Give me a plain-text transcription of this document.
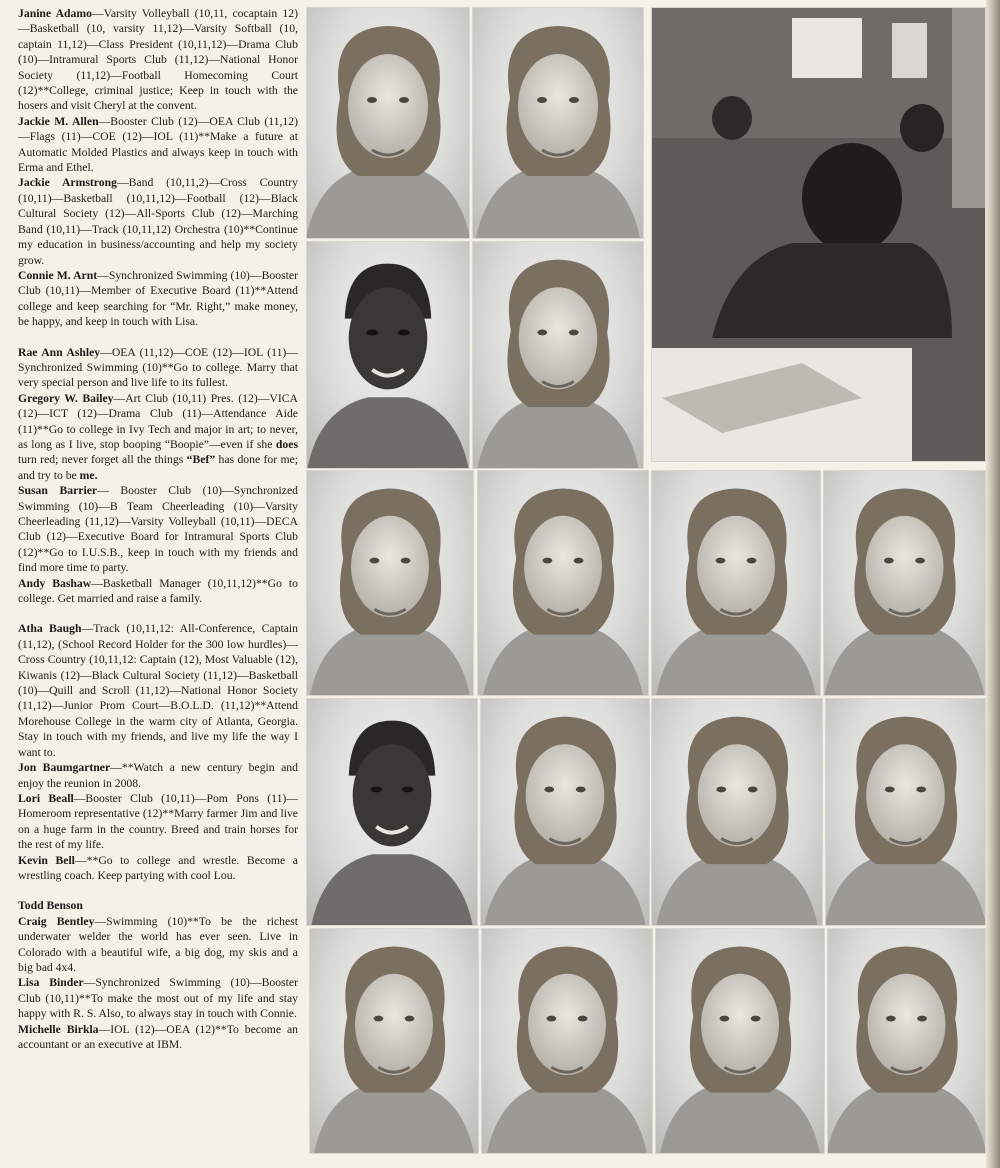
Janine Adamo—Varsity Volleyball (10,11, cocaptain 12)—Basketball (10, varsity 11,12)—Varsity Softball (10, captain 11,12)—Class President (10,11,12)—Drama Club (10)—Intramural Sports Club (11,12)—National Honor Society (11,12)—Football Homecoming Court (12)**College, criminal justice; Keep in touch with the hosers and visit Cheryl at the convent.

Jackie M. Allen—Booster Club (12)—OEA Club (11,12)—Flags (11)—COE (12)—IOL (11)**Make a future at Automatic Molded Plastics and always keep in touch with Erma and Ethel.

Jackie Armstrong—Band (10,11,2)—Cross Country (10,11)—Basketball (10,11,12)—Football (12)—Black Cultural Society (12)—All-Sports Club (12)—Marching Band (10,11)—Track (10,11,12) Orchestra (10)**Continue my education in business/accounting and help my society grow.

Connie M. Arnt—Synchronized Swimming (10)—Booster Club (10,11)—Member of Executive Board (11)**Attend college and keep searching for “Mr. Right,” make money, be happy, and keep in touch with Lisa.

Rae Ann Ashley—OEA (11,12)—COE (12)—IOL (11)—Synchronized Swimming (10)**Go to college. Marry that very special person and live life to its fullest.

Gregory W. Bailey—Art Club (10,11) Pres. (12)—VICA (12)—ICT (12)—Drama Club (11)—Attendance Aide (11)**Go to college in Ivy Tech and major in art; to never, as long as I live, stop booping “Boopie”—even if she does turn red; never forget all the things “Bef” has done for me; and try to be me.

Susan Barrier— Booster Club (10)—Synchronized Swimming (10)—B Team Cheerleading (10)—Varsity Cheerleading (11,12)—Varsity Volleyball (10,11)—DECA Club (12)—Executive Board for Intramural Sports Club (12)**Go to I.U.S.B., keep in touch with my friends and find more time to party.

Andy Bashaw—Basketball Manager (10,11,12)**Go to college. Get married and raise a family.

Atha Baugh—Track (10,11,12: All-Conference, Captain (11,12), (School Record Holder for the 300 low hurdles)—Cross Country (10,11,12: Captain (12), Most Valuable (12), Kiwanis (12)—Black Cultural Society (11,12)—Basketball (10)—Quill and Scroll (11,12)—National Honor Society (11,12)—Junior Prom Court—B.O.L.D. (11,12)**Attend Morehouse College in the warm city of Atlanta, Georgia. Stay in touch with my friends, and live my life the way I want to.

Jon Baumgartner—**Watch a new century begin and enjoy the reunion in 2008.

Lori Beall—Booster Club (10,11)—Pom Pons (11)—Homeroom representative (12)**Marry farmer Jim and live on a huge farm in the country. Breed and train horses for the rest of my life.

Kevin Bell—**Go to college and wrestle. Become a wrestling coach. Keep partying with cool Lou.

Todd Benson

Craig Bentley—Swimming (10)**To be the richest underwater welder the world has ever seen. Live in Colorado with a beautiful wife, a big dog, my skis and a big bad 4x4.

Lisa Binder—Synchronized Swimming (10)—Booster Club (10,11)**To make the most out of my life and stay happy with R. S. Also, to always stay in touch with Connie.

Michelle Birkla—IOL (12)—OEA (12)**To become an accountant or an executive at IBM.
